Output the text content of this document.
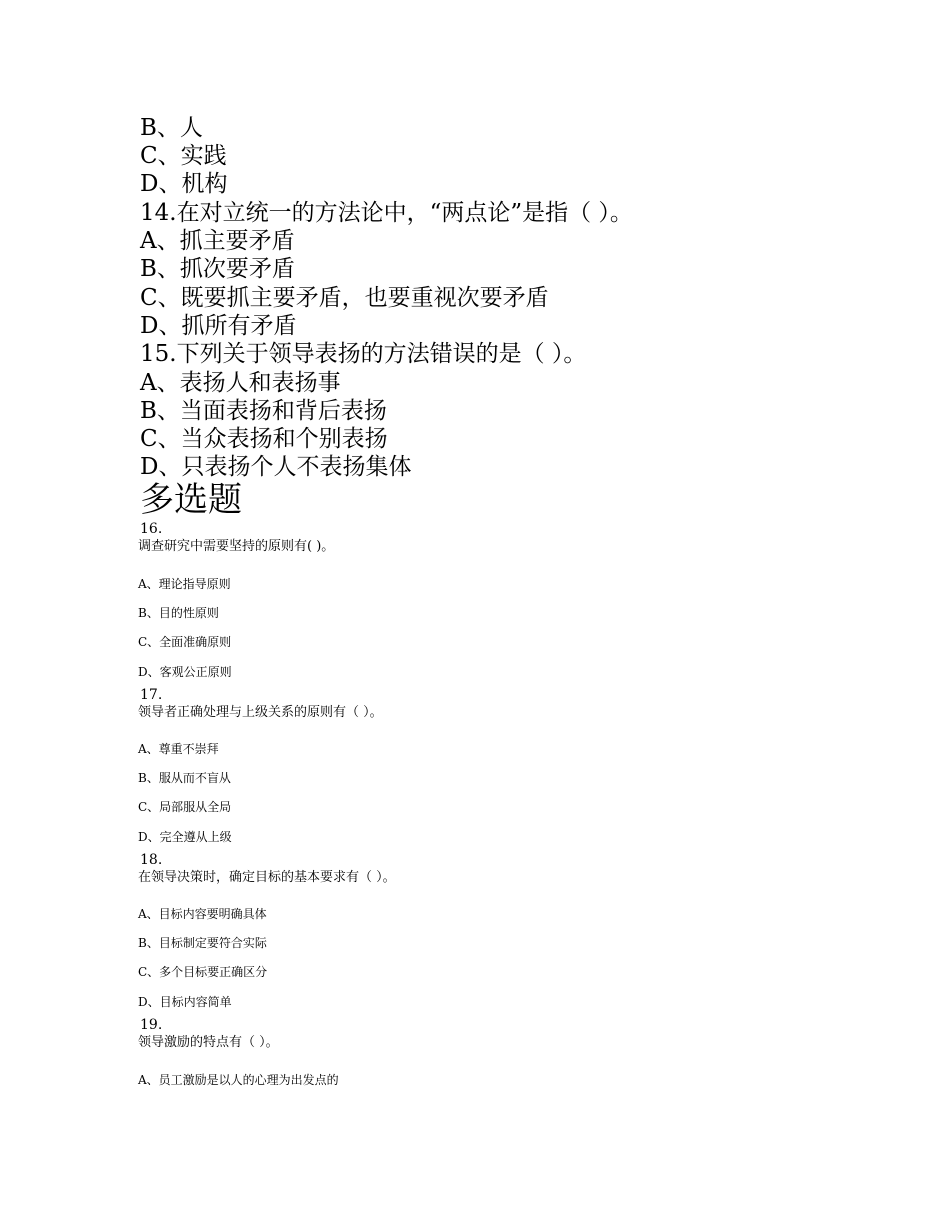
B、人
C、实践
D、机构
14.在对立统一的方法论中，“两点论”是指（ ）。
A、抓主要矛盾
B、抓次要矛盾
C、既要抓主要矛盾，也要重视次要矛盾
D、抓所有矛盾
15.下列关于领导表扬的方法错误的是（ ）。
A、表扬人和表扬事
B、当面表扬和背后表扬
C、当众表扬和个别表扬
D、只表扬个人不表扬集体
多选题
16.
调查研究中需要坚持的原则有( )。
A、理论指导原则
B、目的性原则
C、全面准确原则
D、客观公正原则
17.
领导者正确处理与上级关系的原则有（ ）。
A、尊重不崇拜
B、服从而不盲从
C、局部服从全局
D、完全遵从上级
18.
在领导决策时，确定目标的基本要求有（ ）。
A、目标内容要明确具体
B、目标制定要符合实际
C、多个目标要正确区分
D、目标内容简单
19.
领导激励的特点有（ ）。
A、员工激励是以人的心理为出发点的
